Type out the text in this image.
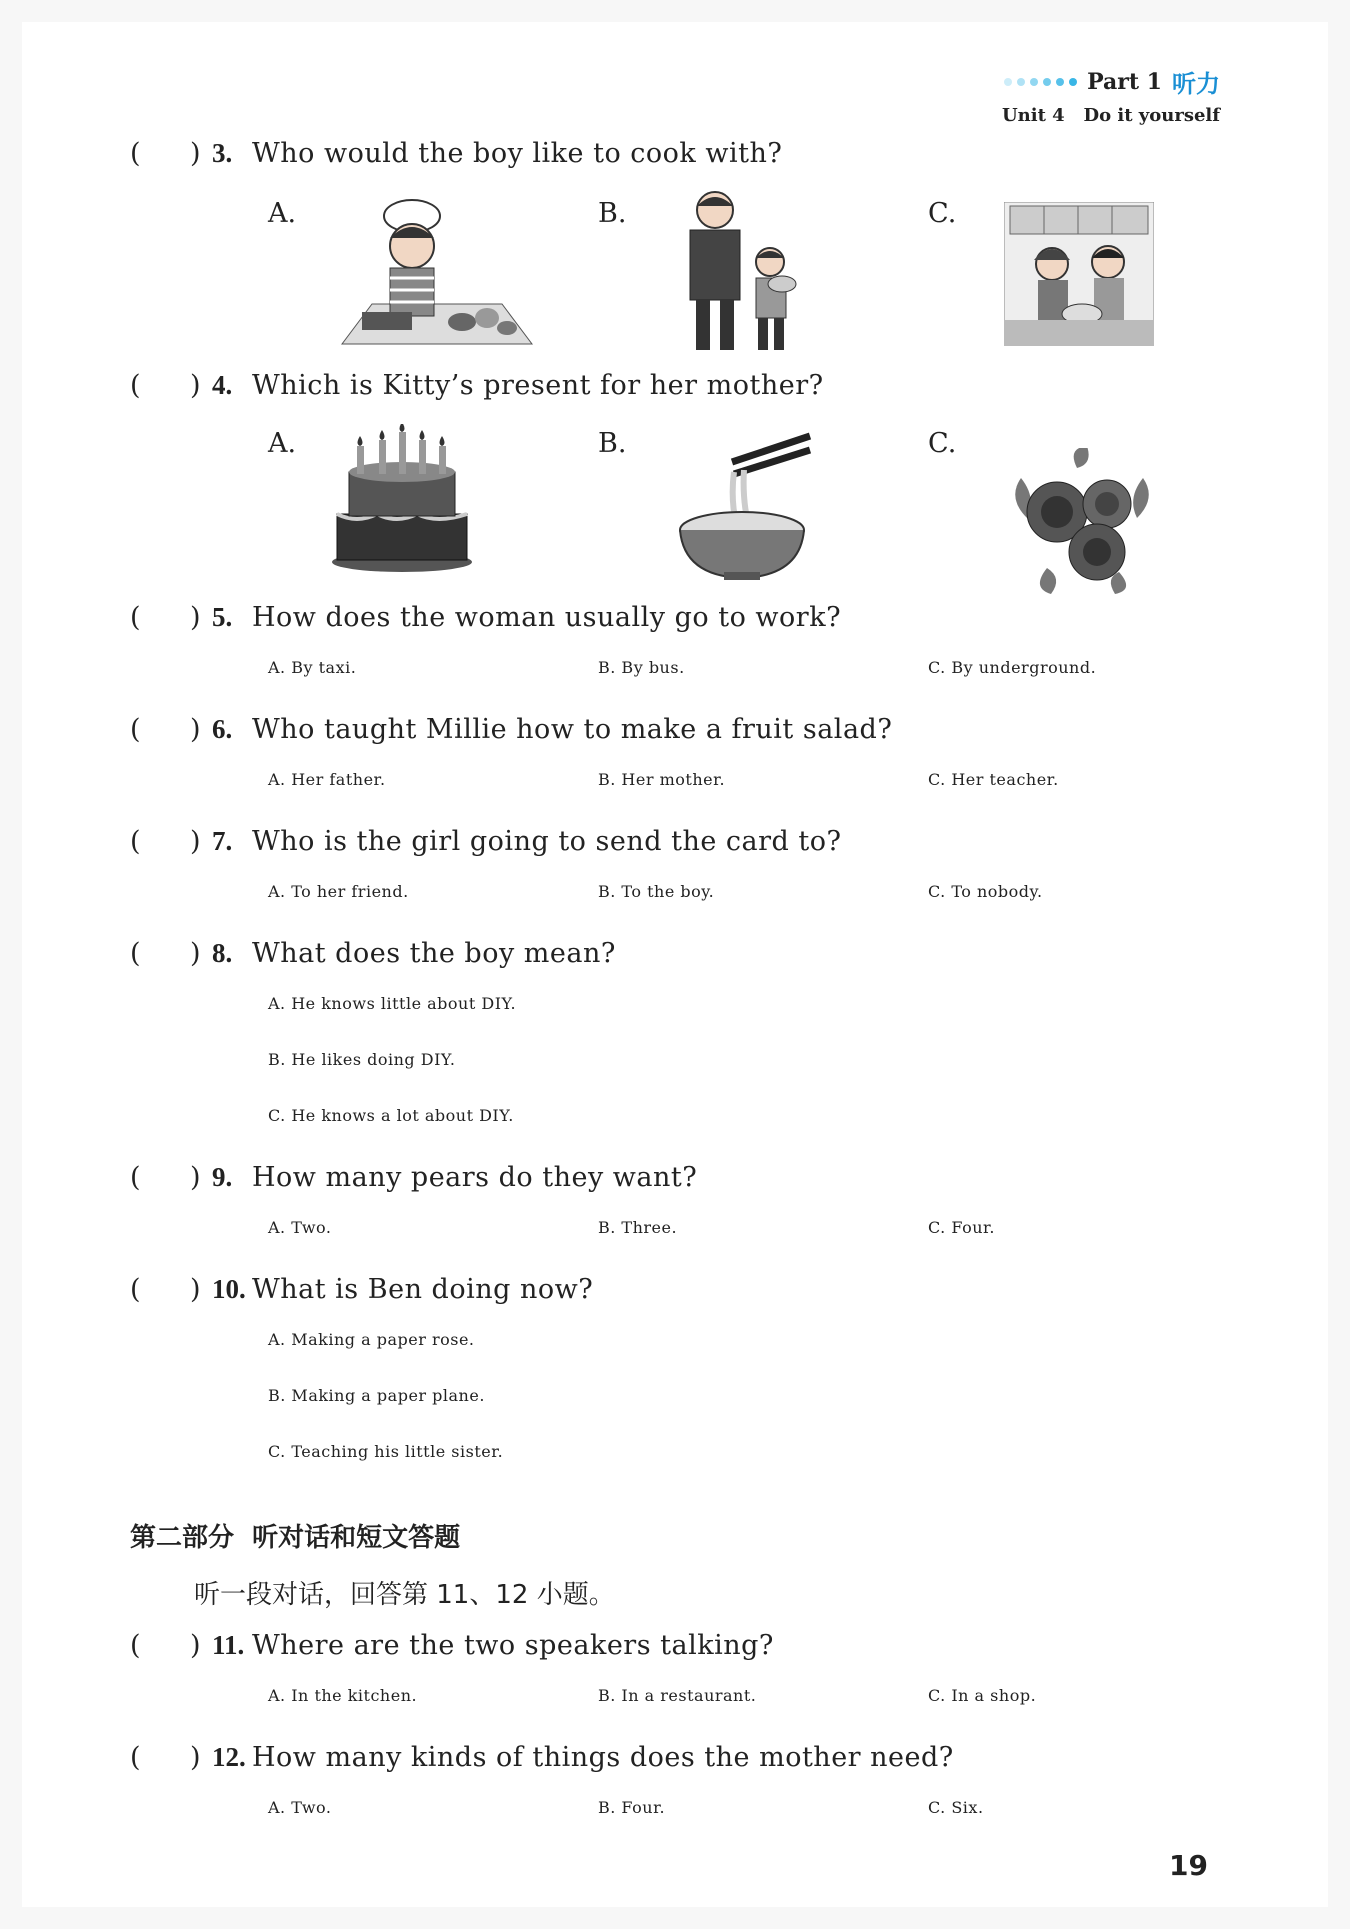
Part 1 听力
Unit 4   Do it yourself
(	) 3. Who would the boy like to cook with?
A.	B.	C.
(	) 4. Which is Kitty’s present for her mother?
A.	B.	C.
(	) 5. How does the woman usually go to work?
A. By taxi.	B. By bus.	C. By underground.
(	) 6. Who taught Millie how to make a fruit salad?
A. Her father.	B. Her mother.	C. Her teacher.
(	) 7. Who is the girl going to send the card to?
A. To her friend.	B. To the boy.	C. To nobody.
(	) 8. What does the boy mean?
A. He knows little about DIY.
B. He likes doing DIY.
C. He knows a lot about DIY.
(	) 9. How many pears do they want?
A. Two.	B. Three.	C. Four.
(	) 10. What is Ben doing now?
A. Making a paper rose.
B. Making a paper plane.
C. Teaching his little sister.
第二部分  听对话和短文答题
听一段对话，回答第 11、12 小题。
(	) 11. Where are the two speakers talking?
A. In the kitchen.	B. In a restaurant.	C. In a shop.
(	) 12. How many kinds of things does the mother need?
A. Two.	B. Four.	C. Six.
19
